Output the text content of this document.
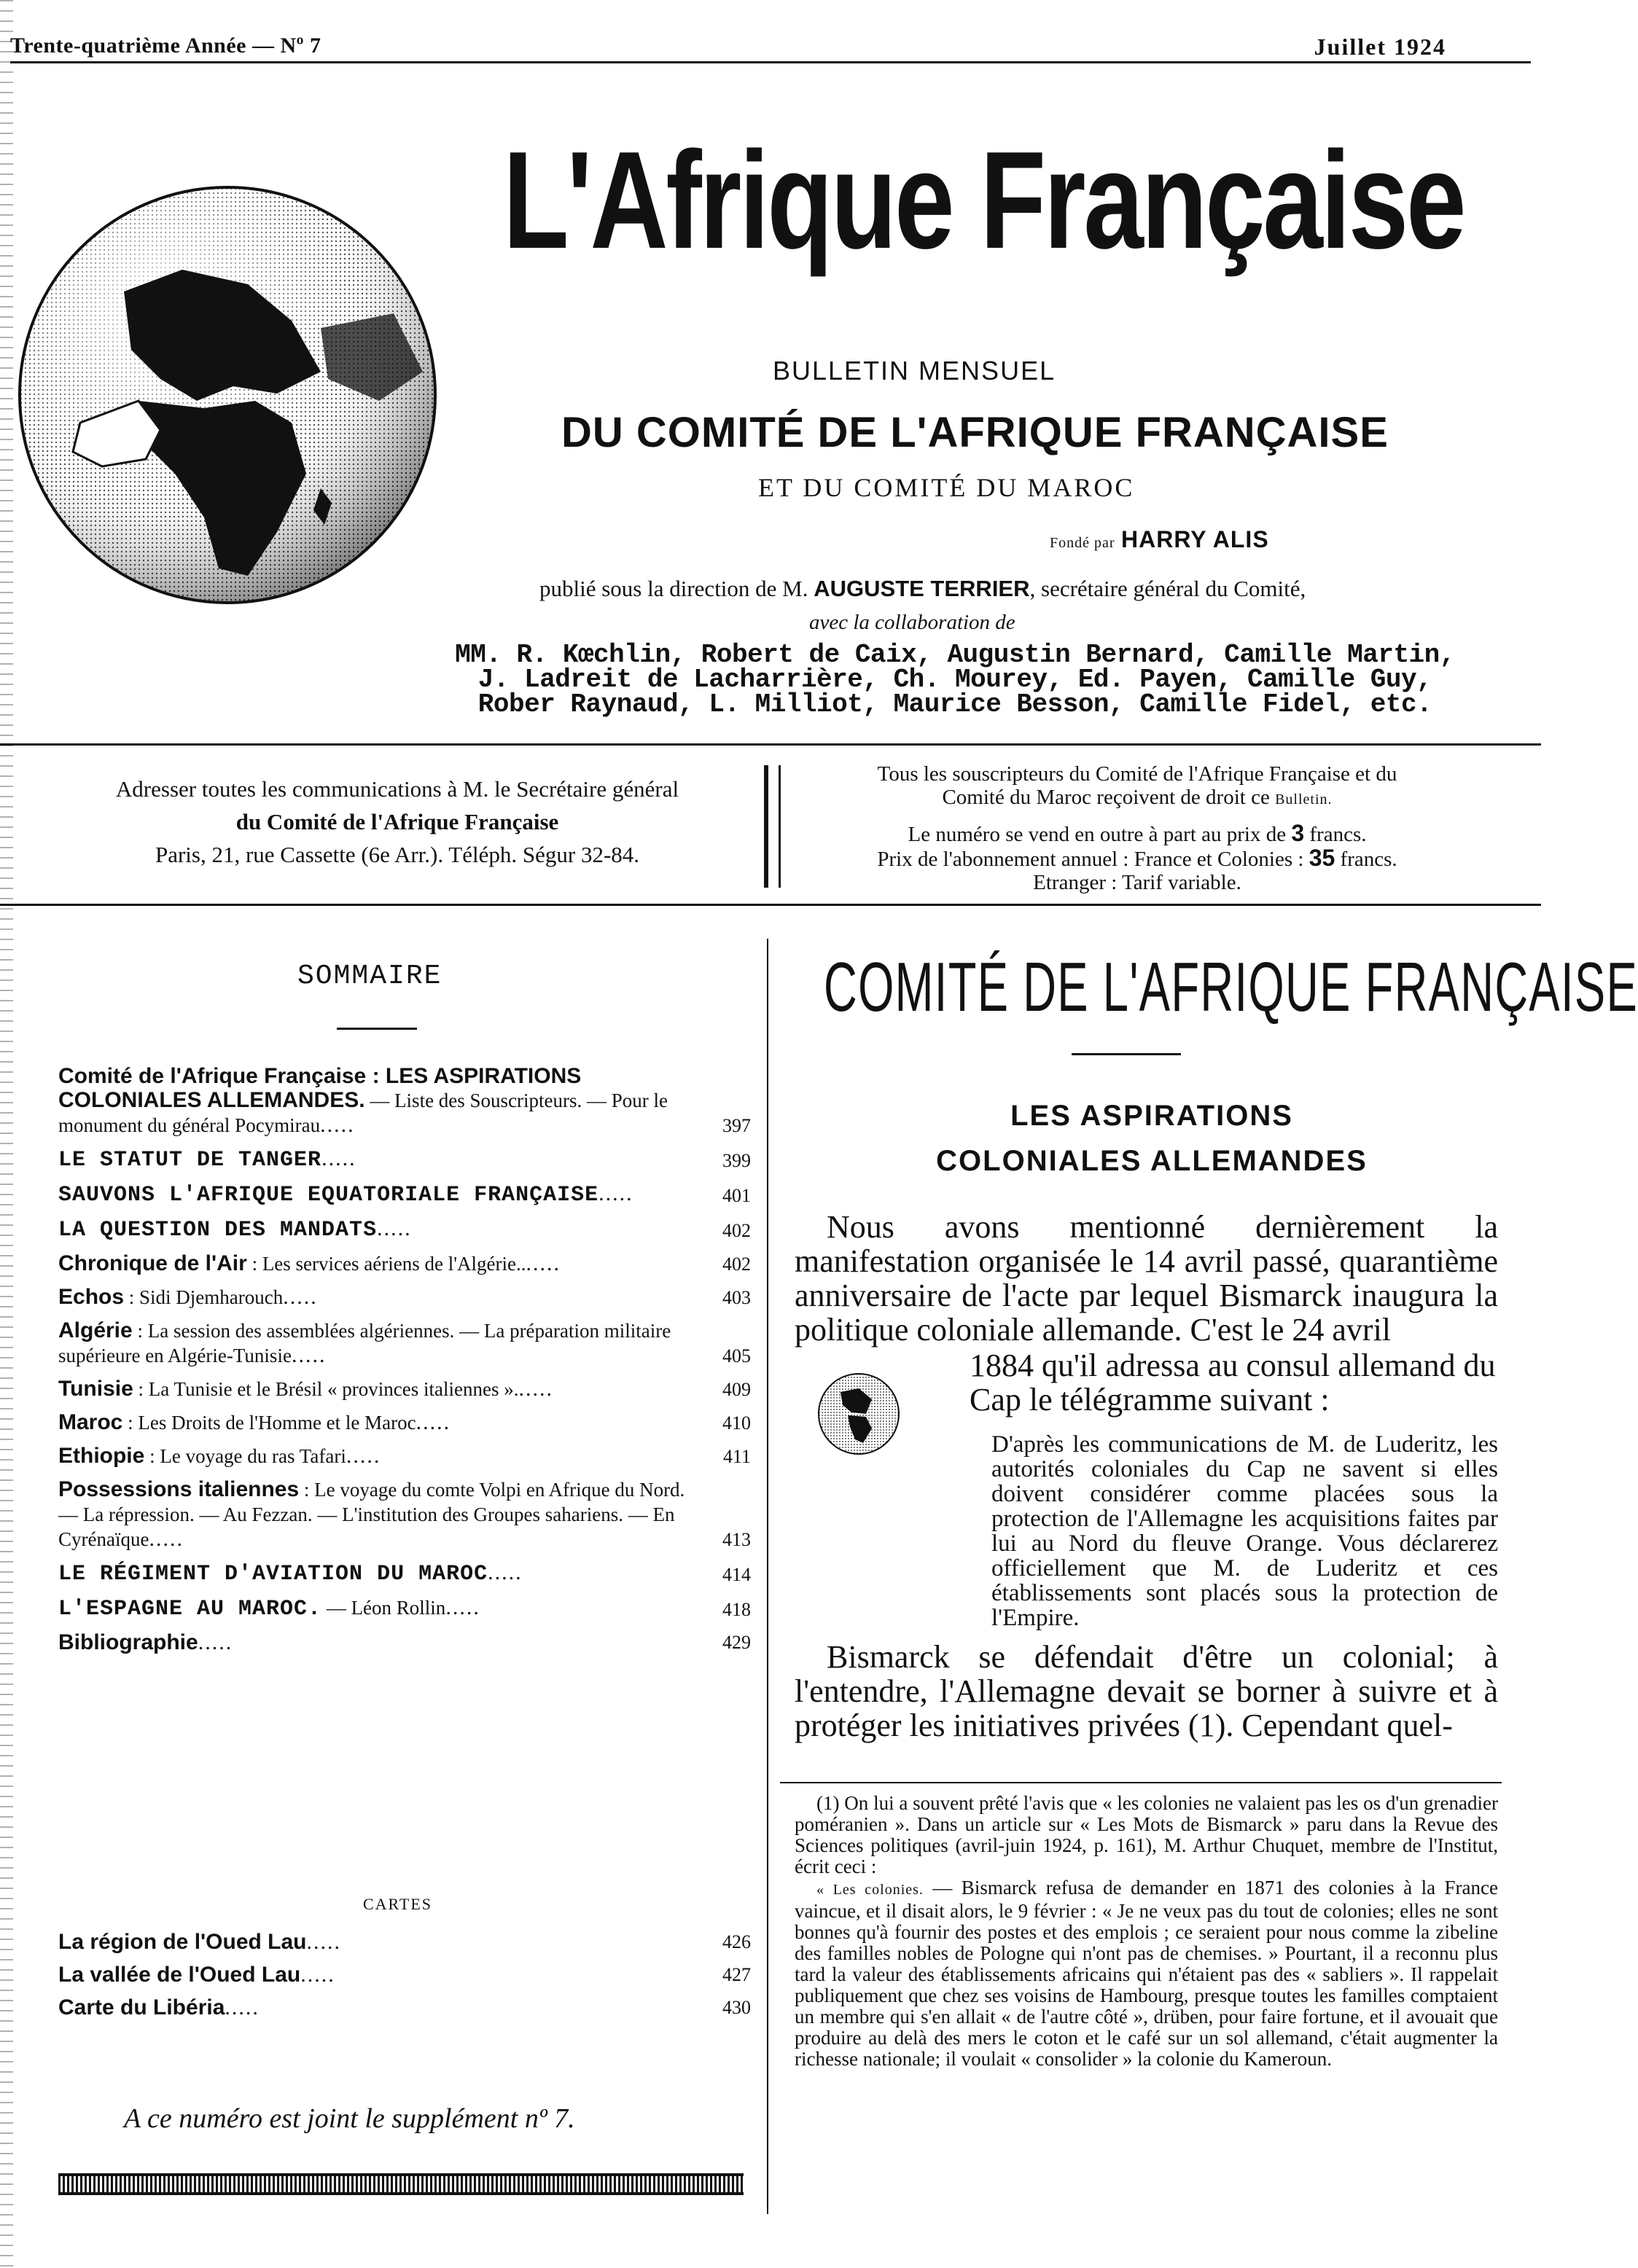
Trente-quatrième Année — Nº 7	Juillet 1924
L'Afrique Française
BULLETIN MENSUEL
DU COMITÉ DE L'AFRIQUE FRANÇAISE
ET DU COMITÉ DU MAROC
Fondé par HARRY ALIS
publié sous la direction de M. AUGUSTE TERRIER, secrétaire général du Comité,
avec la collaboration de
MM. R. Kœchlin, Robert de Caix, Augustin Bernard, Camille Martin,
J. Ladreit de Lacharrière, Ch. Mourey, Ed. Payen, Camille Guy,
Rober Raynaud, L. Milliot, Maurice Besson, Camille Fidel, etc.
Adresser toutes les communications à M. le Secrétaire général
du Comité de l'Afrique Française
Paris, 21, rue Cassette (6e Arr.). Téléph. Ségur 32-84.
Tous les souscripteurs du Comité de l'Afrique Française et du
Comité du Maroc reçoivent de droit ce Bulletin.
Le numéro se vend en outre à part au prix de 3 francs.
Prix de l'abonnement annuel : France et Colonies : 35 francs.
Etranger : Tarif variable.
SOMMAIRE
Comité de l'Afrique Française : LES ASPIRATIONS COLONIALES ALLEMANDES. — Liste des Souscripteurs. — Pour le monument du général Pocymirau.....	397
LE STATUT DE TANGER.....	399
SAUVONS L'AFRIQUE EQUATORIALE FRANÇAISE.....	401
LA QUESTION DES MANDATS.....	402
Chronique de l'Air : Les services aériens de l'Algérie.......	402
Echos : Sidi Djemharouch.....	403
Algérie : La session des assemblées algériennes. — La préparation militaire supérieure en Algérie-Tunisie.....	405
Tunisie : La Tunisie et le Brésil « provinces italiennes »......	409
Maroc : Les Droits de l'Homme et le Maroc.....	410
Ethiopie : Le voyage du ras Tafari.....	411
Possessions italiennes : Le voyage du comte Volpi en Afrique du Nord. — La répression. — Au Fezzan. — L'institution des Groupes sahariens. — En Cyrénaïque.....	413
LE RÉGIMENT D'AVIATION DU MAROC.....	414
L'ESPAGNE AU MAROC. — Léon Rollin.....	418
Bibliographie.....	429
CARTES
La région de l'Oued Lau.....	426
La vallée de l'Oued Lau.....	427
Carte du Libéria.....	430
A ce numéro est joint le supplément nº 7.
COMITÉ DE L'AFRIQUE FRANÇAISE
LES ASPIRATIONS
COLONIALES ALLEMANDES
Nous avons mentionné dernièrement la manifestation organisée le 14 avril passé, quarantième anniversaire de l'acte par lequel Bismarck inaugura la politique coloniale allemande. C'est le 24 avril
1884 qu'il adressa au consul allemand du Cap le télégramme suivant :
D'après les communications de M. de Luderitz, les autorités coloniales du Cap ne savent si elles doivent considérer comme placées sous la protection de l'Allemagne les acquisitions faites par lui au Nord du fleuve Orange. Vous déclarerez officiellement que M. de Luderitz et ces établissements sont placés sous la protection de l'Empire.
Bismarck se défendait d'être un colonial; à l'entendre, l'Allemagne devait se borner à suivre et à protéger les initiatives privées (1). Cependant quel-

(1) On lui a souvent prêté l'avis que « les colonies ne valaient pas les os d'un grenadier poméranien ». Dans un article sur « Les Mots de Bismarck » paru dans la Revue des Sciences politiques (avril-juin 1924, p. 161), M. Arthur Chuquet, membre de l'Institut, écrit ceci :

« Les colonies. — Bismarck refusa de demander en 1871 des colonies à la France vaincue, et il disait alors, le 9 février : « Je ne veux pas du tout de colonies; elles ne sont bonnes qu'à fournir des postes et des emplois ; ce seraient pour nous comme la zibeline des familles nobles de Pologne qui n'ont pas de chemises. » Pourtant, il a reconnu plus tard la valeur des établissements africains qui n'étaient pas des « sabliers ». Il rappelait publiquement que chez ses voisins de Hambourg, presque toutes les familles comptaient un membre qui s'en allait « de l'autre côté », drüben, pour faire fortune, et il avouait que produire au delà des mers le coton et le café sur un sol allemand, c'était augmenter la richesse nationale; il voulait « consolider » la colonie du Kameroun.
